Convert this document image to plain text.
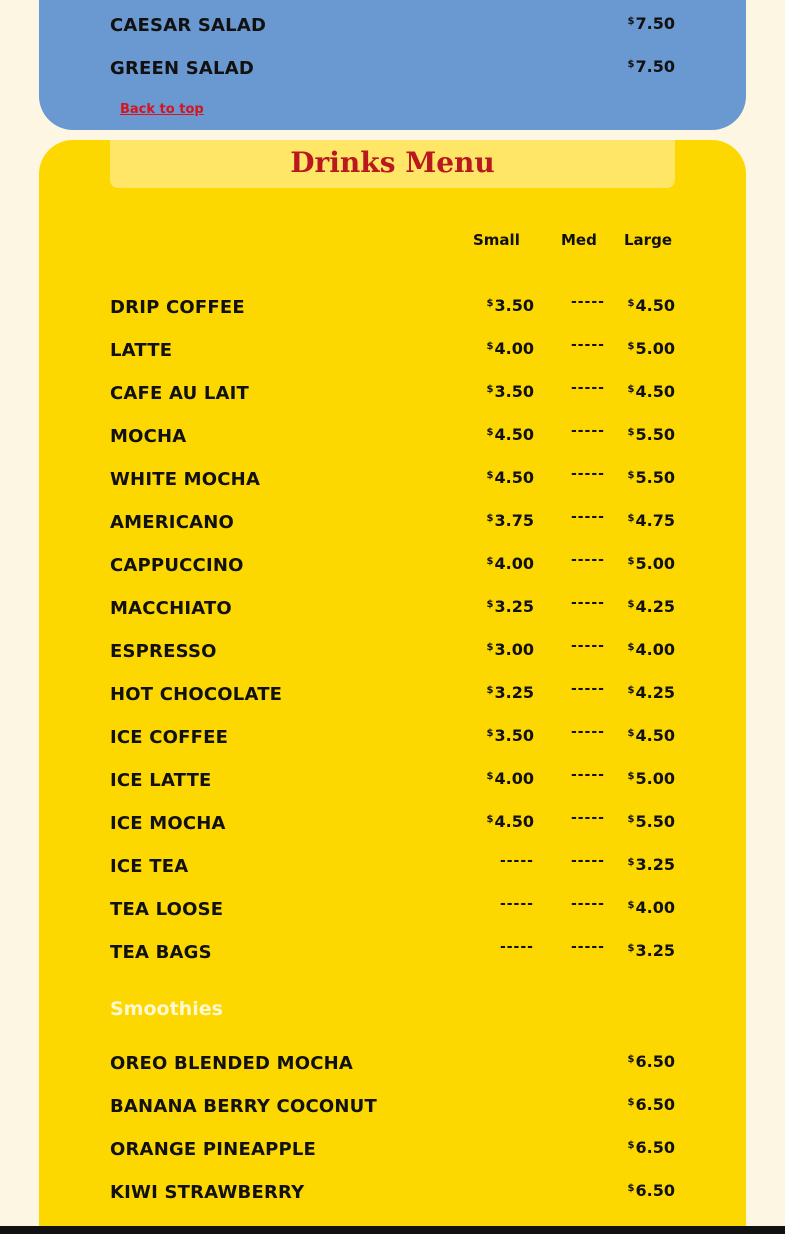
CAESAR SALAD	$7.50
GREEN SALAD	$7.50
Back to top
Drinks Menu
Small	Med Large
DRIP COFFEE	$3.50	----- $4.50
LATTE	$4.00	----- $5.00
CAFE AU LAIT	$3.50	----- $4.50
MOCHA	$4.50	----- $5.50
WHITE MOCHA	$4.50	----- $5.50
AMERICANO	$3.75	----- $4.75
CAPPUCCINO	$4.00	----- $5.00
MACCHIATO	$3.25	----- $4.25
ESPRESSO	$3.00	----- $4.00
HOT CHOCOLATE	$3.25	----- $4.25
ICE COFFEE	$3.50	----- $4.50
ICE LATTE	$4.00	----- $5.00
ICE MOCHA	$4.50	----- $5.50
ICE TEA	-----	----- $3.25
TEA LOOSE	-----	----- $4.00
TEA BAGS	-----	----- $3.25
Smoothies
OREO BLENDED MOCHA	$6.50
BANANA BERRY COCONUT	$6.50
ORANGE PINEAPPLE	$6.50
KIWI STRAWBERRY	$6.50
